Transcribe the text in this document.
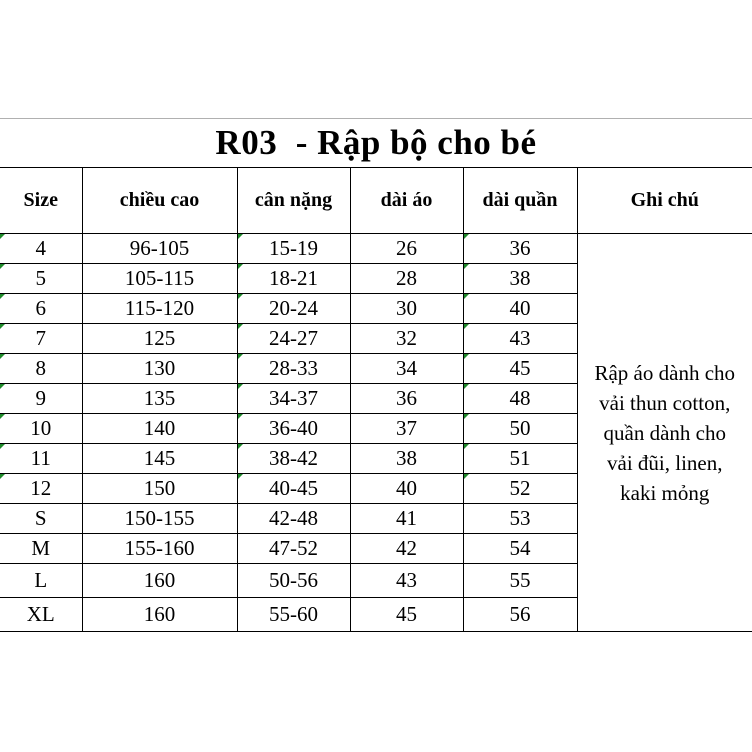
R03  - Rập bộ cho bé
Size	chiều cao	cân nặng	dài áo	dài quần	Ghi chú
4	96-105	15-19	26	36	Rập áo dành cho
vải thun cotton,
quần dành cho
vải đũi, linen,
kaki mỏng

5	105-115	18-21	28	38	
6	115-120	20-24	30	40	
7	125	24-27	32	43	
8	130	28-33	34	45	
9	135	34-37	36	48	
10	140	36-40	37	50	
11	145	38-42	38	51	
12	150	40-45	40	52	
S	150-155	42-48	41	53	
M	155-160	47-52	42	54	
L	160	50-56	43	55	
XL	160	55-60	45	56	
